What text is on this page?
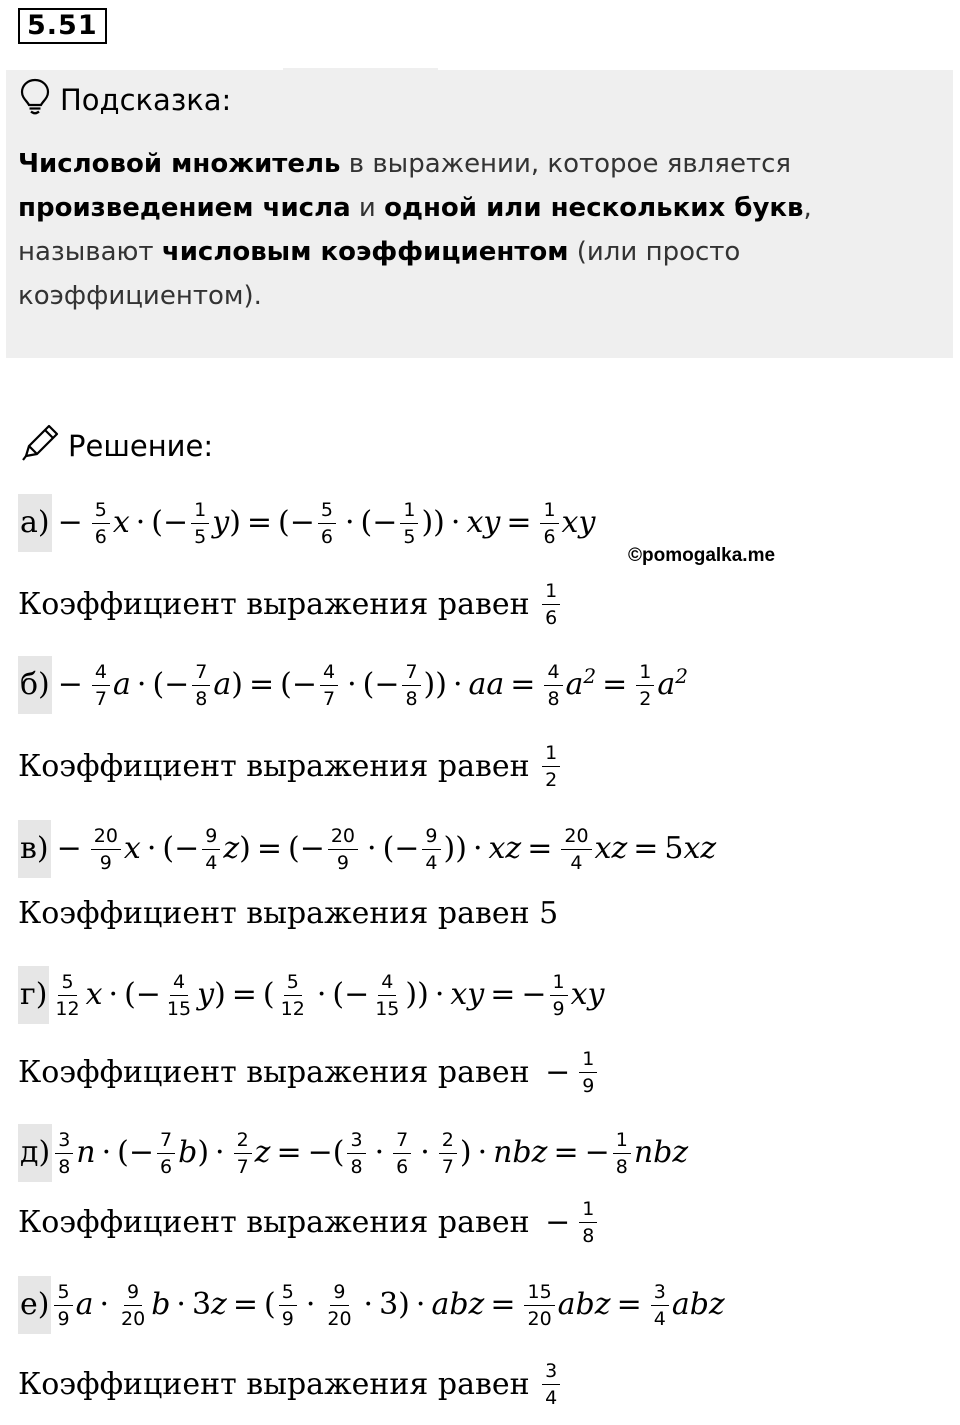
5.51
Подсказка:
Числовой множитель в выражении, которое является произведением числа и одной или нескольких букв, называют числовым коэффициентом (или просто коэффициентом).
Решение:
©pomogalka.me
$а) - \frac{5}{6}$ x · (− $\frac{1}{5}$ y ) = (− $\frac{5}{6}$ · (− $\frac{1}{5}$ )) · xy = $\frac{1}{6}$ xy
Коэффициент выражения равен $\frac{1}{6}$
$б) - \frac{4}{7}$ a · (− $\frac{7}{8}$ a ) = (− $\frac{4}{7}$ · (− $\frac{7}{8}$ )) · aa = $\frac{4}{8} a^2 = \frac{1}{2} a^2$
Коэффициент выражения равен $\frac{1}{2}$
$в) - \frac{20}{9}$ x · (− $\frac{9}{4}$ z ) = (− $\frac{20}{9}$ · (− $\frac{9}{4}$ )) · xz = $\frac{20}{4}$ xz = 5 xz
Коэффициент выражения равен 5
$г) \frac{5}{12}$ x · (− $\frac{4}{15}$ y ) = ( $\frac{5}{12}$ · (− $\frac{4}{15}$ )) · xy = − $\frac{1}{9}$ xy
Коэффициент выражения равен − $\frac{1}{9}$
$д) \frac{3}{8}$ n · (− $\frac{7}{6}$ b ) · $\frac{2}{7}$ z = −( $\frac{3}{8} \cdot \frac{7}{6} \cdot \frac{2}{7}$ ) · nbz = − $\frac{1}{8}$ nbz
Коэффициент выражения равен − $\frac{1}{8}$
$е) \frac{5}{9}$ $a \cdot \frac{9}{20}$ b · 3 z = ( $\frac{5}{9} \cdot \frac{9}{20} \cdot 3$) · abz = $\frac{15}{20}$ abz = $\frac{3}{4}$ abz
Коэффициент выражения равен $\frac{3}{4}$
